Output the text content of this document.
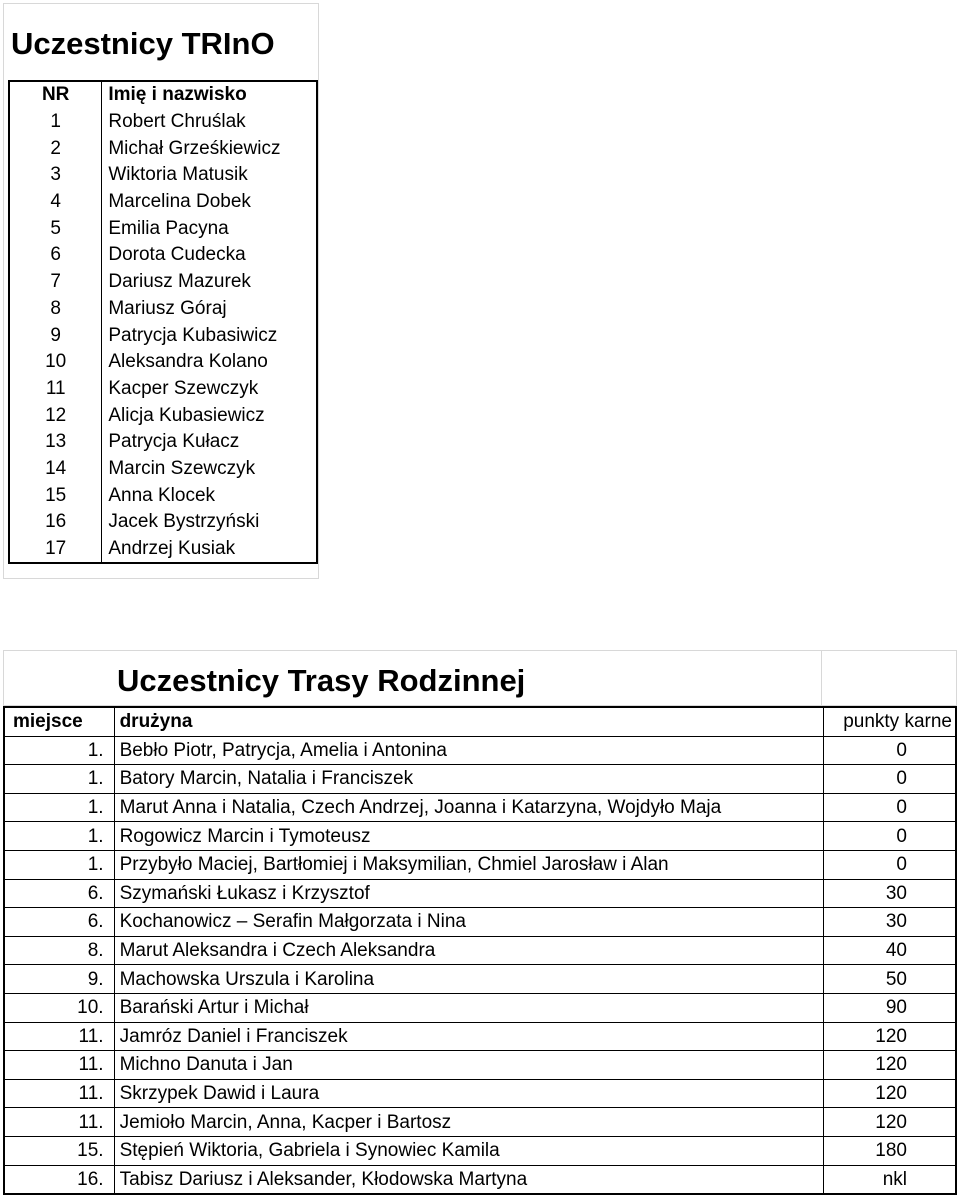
Uczestnicy TRInO
NR	Imię i nazwisko
1	Robert Chruślak
2	Michał Grześkiewicz
3	Wiktoria Matusik
4	Marcelina Dobek
5	Emilia Pacyna
6	Dorota Cudecka
7	Dariusz Mazurek
8	Mariusz Góraj
9	Patrycja Kubasiwicz
10	Aleksandra Kolano
11	Kacper Szewczyk
12	Alicja Kubasiewicz
13	Patrycja Kułacz
14	Marcin Szewczyk
15	Anna Klocek
16	Jacek Bystrzyński
17	Andrzej Kusiak
Uczestnicy Trasy Rodzinnej
miejsce	drużyna	punkty karne
1.	Bebło Piotr, Patrycja, Amelia i Antonina	0
1.	Batory Marcin, Natalia i Franciszek	0
1.	Marut Anna i Natalia, Czech Andrzej, Joanna i Katarzyna, Wojdyło Maja	0
1.	Rogowicz Marcin i Tymoteusz	0
1.	Przybyło Maciej, Bartłomiej i Maksymilian, Chmiel Jarosław i Alan	0
6.	Szymański Łukasz i Krzysztof	30
6.	Kochanowicz – Serafin Małgorzata i Nina	30
8.	Marut Aleksandra i Czech Aleksandra	40
9.	Machowska Urszula i Karolina	50
10.	Barański Artur i Michał	90
11.	Jamróz Daniel i Franciszek	120
11.	Michno Danuta i Jan	120
11.	Skrzypek Dawid i Laura	120
11.	Jemioło Marcin, Anna, Kacper i Bartosz	120
15.	Stępień Wiktoria, Gabriela i Synowiec Kamila	180
16.	Tabisz Dariusz i Aleksander, Kłodowska Martyna	nkl
